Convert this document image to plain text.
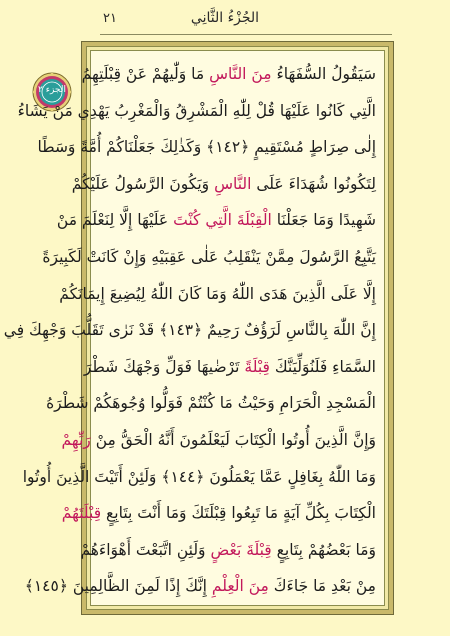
٢١	الجُزْءُ الثَّانِي
الجزء ٢
سَيَقُولُ السُّفَهَاءُ مِنَ النَّاسِ مَا وَلّٰيهُمْ عَنْ قِبْلَتِهِمُ
الَّتِي كَانُوا عَلَيْهَا قُلْ لِلّٰهِ الْمَشْرِقُ وَالْمَغْرِبُ يَهْدِي مَنْ يَشَاءُ
إِلٰى صِرَاطٍ مُسْتَقِيمٍ ﴿١٤٢﴾ وَكَذٰلِكَ جَعَلْنَاكُمْ أُمَّةً وَسَطًا
لِتَكُونُوا شُهَدَاءَ عَلَى النَّاسِ وَيَكُونَ الرَّسُولُ عَلَيْكُمْ
شَهِيدًا وَمَا جَعَلْنَا الْقِبْلَةَ الَّتِي كُنْتَ عَلَيْهَا إِلَّا لِنَعْلَمَ مَنْ
يَتَّبِعُ الرَّسُولَ مِمَّنْ يَنْقَلِبُ عَلٰى عَقِبَيْهِ وَإِنْ كَانَتْ لَكَبِيرَةً
إِلَّا عَلَى الَّذِينَ هَدَى اللّٰهُ وَمَا كَانَ اللّٰهُ لِيُضِيعَ إِيمَانَكُمْ
إِنَّ اللّٰهَ بِالنَّاسِ لَرَؤُفٌ رَحِيمٌ ﴿١٤٣﴾ قَدْ نَرٰى تَقَلُّبَ وَجْهِكَ فِي
السَّمَاءِ فَلَنُوَلِّيَنَّكَ قِبْلَةً تَرْضٰيهَا فَوَلِّ وَجْهَكَ شَطْرَ
الْمَسْجِدِ الْحَرَامِ وَحَيْثُ مَا كُنْتُمْ فَوَلُّوا وُجُوهَكُمْ شَطْرَهُ
وَإِنَّ الَّذِينَ أُوتُوا الْكِتَابَ لَيَعْلَمُونَ أَنَّهُ الْحَقُّ مِنْ رَبِّهِمْ
وَمَا اللّٰهُ بِغَافِلٍ عَمَّا يَعْمَلُونَ ﴿١٤٤﴾ وَلَئِنْ أَتَيْتَ الَّذِينَ أُوتُوا
الْكِتَابَ بِكُلِّ آيَةٍ مَا تَبِعُوا قِبْلَتَكَ وَمَا أَنْتَ بِتَابِعٍ قِبْلَتَهُمْ
وَمَا بَعْضُهُمْ بِتَابِعٍ قِبْلَةَ بَعْضٍ وَلَئِنِ اتَّبَعْتَ أَهْوَاءَهُمْ
مِنْ بَعْدِ مَا جَاءَكَ مِنَ الْعِلْمِ إِنَّكَ إِذًا لَمِنَ الظَّالِمِينَ ﴿١٤٥﴾
